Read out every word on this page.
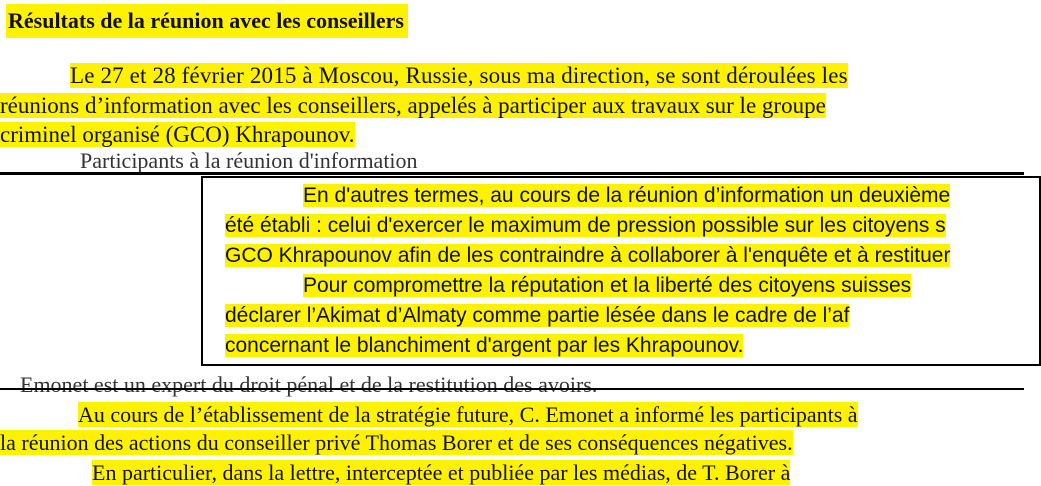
Résultats de la réunion avec les conseillers
Le 27 et 28 février 2015 à Moscou, Russie, sous ma direction, se sont déroulées les
réunions d’information avec les conseillers, appelés à participer aux travaux sur le groupe
criminel organisé (GCO) Khrapounov.
Participants à la réunion d'information
En d'autres termes, au cours de la réunion d’information un deuxième
été établi : celui d'exercer le maximum de pression possible sur les citoyens s
GCO Khrapounov afin de les contraindre à collaborer à l'enquête et à restituer
Pour compromettre la réputation et la liberté des citoyens suisses
déclarer l’Akimat d’Almaty comme partie lésée dans le cadre de l’af
concernant le blanchiment d'argent par les Khrapounov.
Emonet est un expert du droit pénal et de la restitution des avoirs.
Au cours de l’établissement de la stratégie future, C. Emonet a informé les participants à
la réunion des actions du conseiller privé Thomas Borer et de ses conséquences négatives.
En particulier, dans la lettre, interceptée et publiée par les médias, de T. Borer à
